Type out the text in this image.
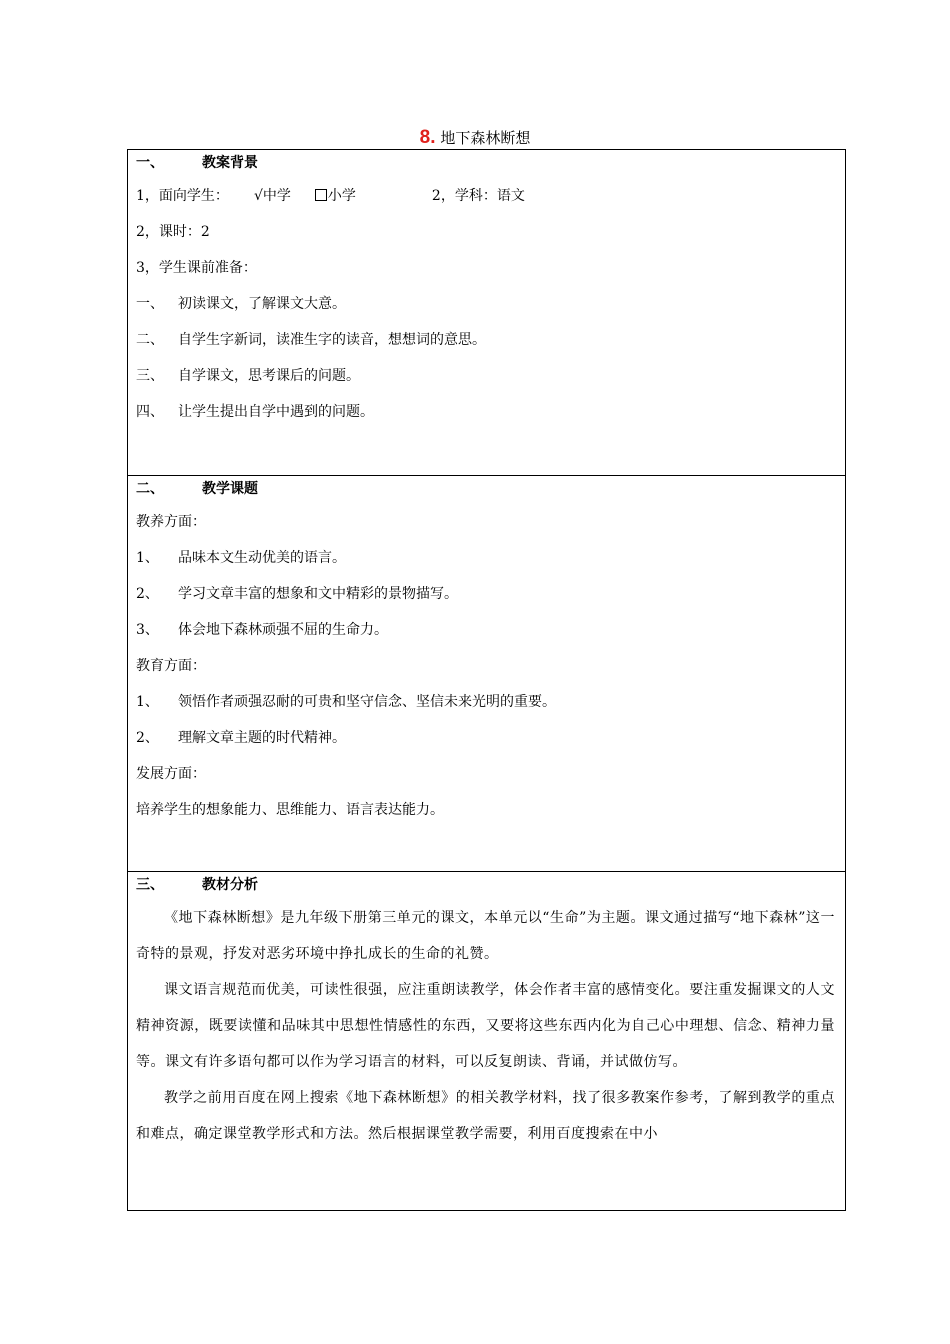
8. 地下森林断想
一、	教案背景
1，面向学生：	√中学	小学	2，学科：语文
2，课时：2
3，学生课前准备：
一、 初读课文，了解课文大意。
二、 自学生字新词，读准生字的读音，想想词的意思。
三、 自学课文，思考课后的问题。
四、 让学生提出自学中遇到的问题。
二、	教学课题
教养方面：
1、 品味本文生动优美的语言。
2、 学习文章丰富的想象和文中精彩的景物描写。
3、 体会地下森林顽强不屈的生命力。
教育方面：
1、 领悟作者顽强忍耐的可贵和坚守信念、坚信未来光明的重要。
2、 理解文章主题的时代精神。
发展方面：
培养学生的想象能力、思维能力、语言表达能力。
三、	教材分析

《地下森林断想》是九年级下册第三单元的课文，本单元以“生命”为主题。课文通过描写“地下森林”这一奇特的景观，抒发对恶劣环境中挣扎成长的生命的礼赞。

课文语言规范而优美，可读性很强，应注重朗读教学，体会作者丰富的感情变化。要注重发掘课文的人文精神资源，既要读懂和品味其中思想性情感性的东西，又要将这些东西内化为自己心中理想、信念、精神力量等。课文有许多语句都可以作为学习语言的材料，可以反复朗读、背诵，并试做仿写。

教学之前用百度在网上搜索《地下森林断想》的相关教学材料，找了很多教案作参考，了解到教学的重点和难点，确定课堂教学形式和方法。然后根据课堂教学需要，利用百度搜索在中小
